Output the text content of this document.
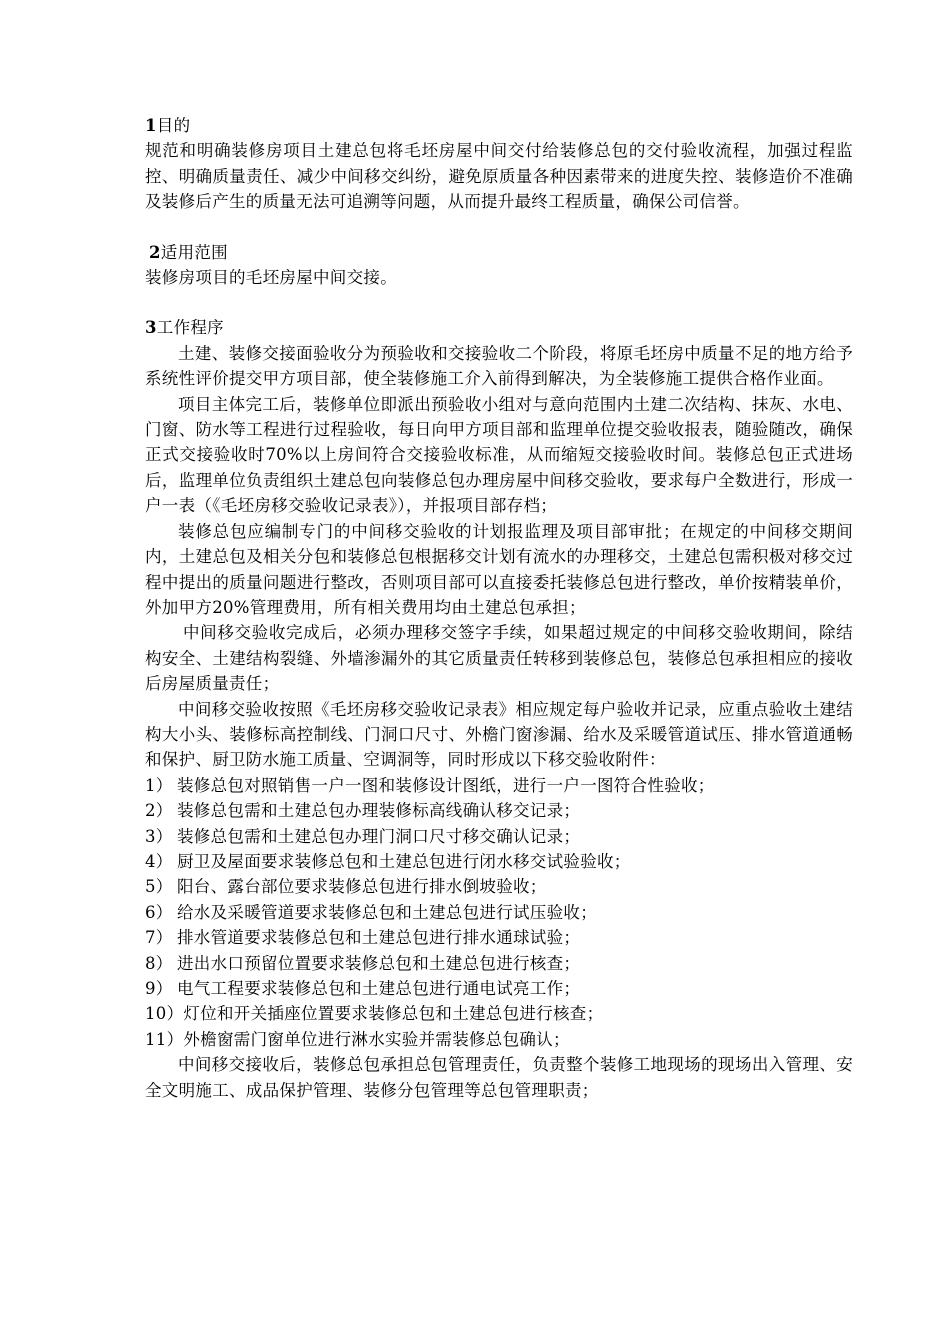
1目的

规范和明确装修房项目土建总包将毛坯房屋中间交付给装修总包的交付验收流程，加强过程监控、明确质量责任、减少中间移交纠纷，避免原质量各种因素带来的进度失控、装修造价不准确及装修后产生的质量无法可追溯等问题，从而提升最终工程质量，确保公司信誉。

2适用范围

装修房项目的毛坯房屋中间交接。

3工作程序

土建、装修交接面验收分为预验收和交接验收二个阶段，将原毛坯房中质量不足的地方给予系统性评价提交甲方项目部，使全装修施工介入前得到解决，为全装修施工提供合格作业面。

项目主体完工后，装修单位即派出预验收小组对与意向范围内土建二次结构、抹灰、水电、门窗、防水等工程进行过程验收，每日向甲方项目部和监理单位提交验收报表，随验随改，确保正式交接验收时70%以上房间符合交接验收标准，从而缩短交接验收时间。装修总包正式进场后，监理单位负责组织土建总包向装修总包办理房屋中间移交验收，要求每户全数进行，形成一户一表（《毛坯房移交验收记录表》），并报项目部存档；

装修总包应编制专门的中间移交验收的计划报监理及项目部审批；在规定的中间移交期间内，土建总包及相关分包和装修总包根据移交计划有流水的办理移交，土建总包需积极对移交过程中提出的质量问题进行整改，否则项目部可以直接委托装修总包进行整改，单价按精装单价，外加甲方20%管理费用，所有相关费用均由土建总包承担；

中间移交验收完成后，必须办理移交签字手续，如果超过规定的中间移交验收期间，除结构安全、土建结构裂缝、外墙渗漏外的其它质量责任转移到装修总包，装修总包承担相应的接收后房屋质量责任；

中间移交验收按照《毛坯房移交验收记录表》相应规定每户验收并记录，应重点验收土建结构大小头、装修标高控制线、门洞口尺寸、外檐门窗渗漏、给水及采暖管道试压、排水管道通畅和保护、厨卫防水施工质量、空调洞等，同时形成以下移交验收附件：

1） 装修总包对照销售一户一图和装修设计图纸，进行一户一图符合性验收；
2） 装修总包需和土建总包办理装修标高线确认移交记录；
3） 装修总包需和土建总包办理门洞口尺寸移交确认记录；
4） 厨卫及屋面要求装修总包和土建总包进行闭水移交试验验收；
5） 阳台、露台部位要求装修总包进行排水倒坡验收；
6） 给水及采暖管道要求装修总包和土建总包进行试压验收；
7） 排水管道要求装修总包和土建总包进行排水通球试验；
8） 进出水口预留位置要求装修总包和土建总包进行核查；
9） 电气工程要求装修总包和土建总包进行通电试亮工作；
10）灯位和开关插座位置要求装修总包和土建总包进行核查；
11）外檐窗需门窗单位进行淋水实验并需装修总包确认；

中间移交接收后，装修总包承担总包管理责任，负责整个装修工地现场的现场出入管理、安全文明施工、成品保护管理、装修分包管理等总包管理职责；
